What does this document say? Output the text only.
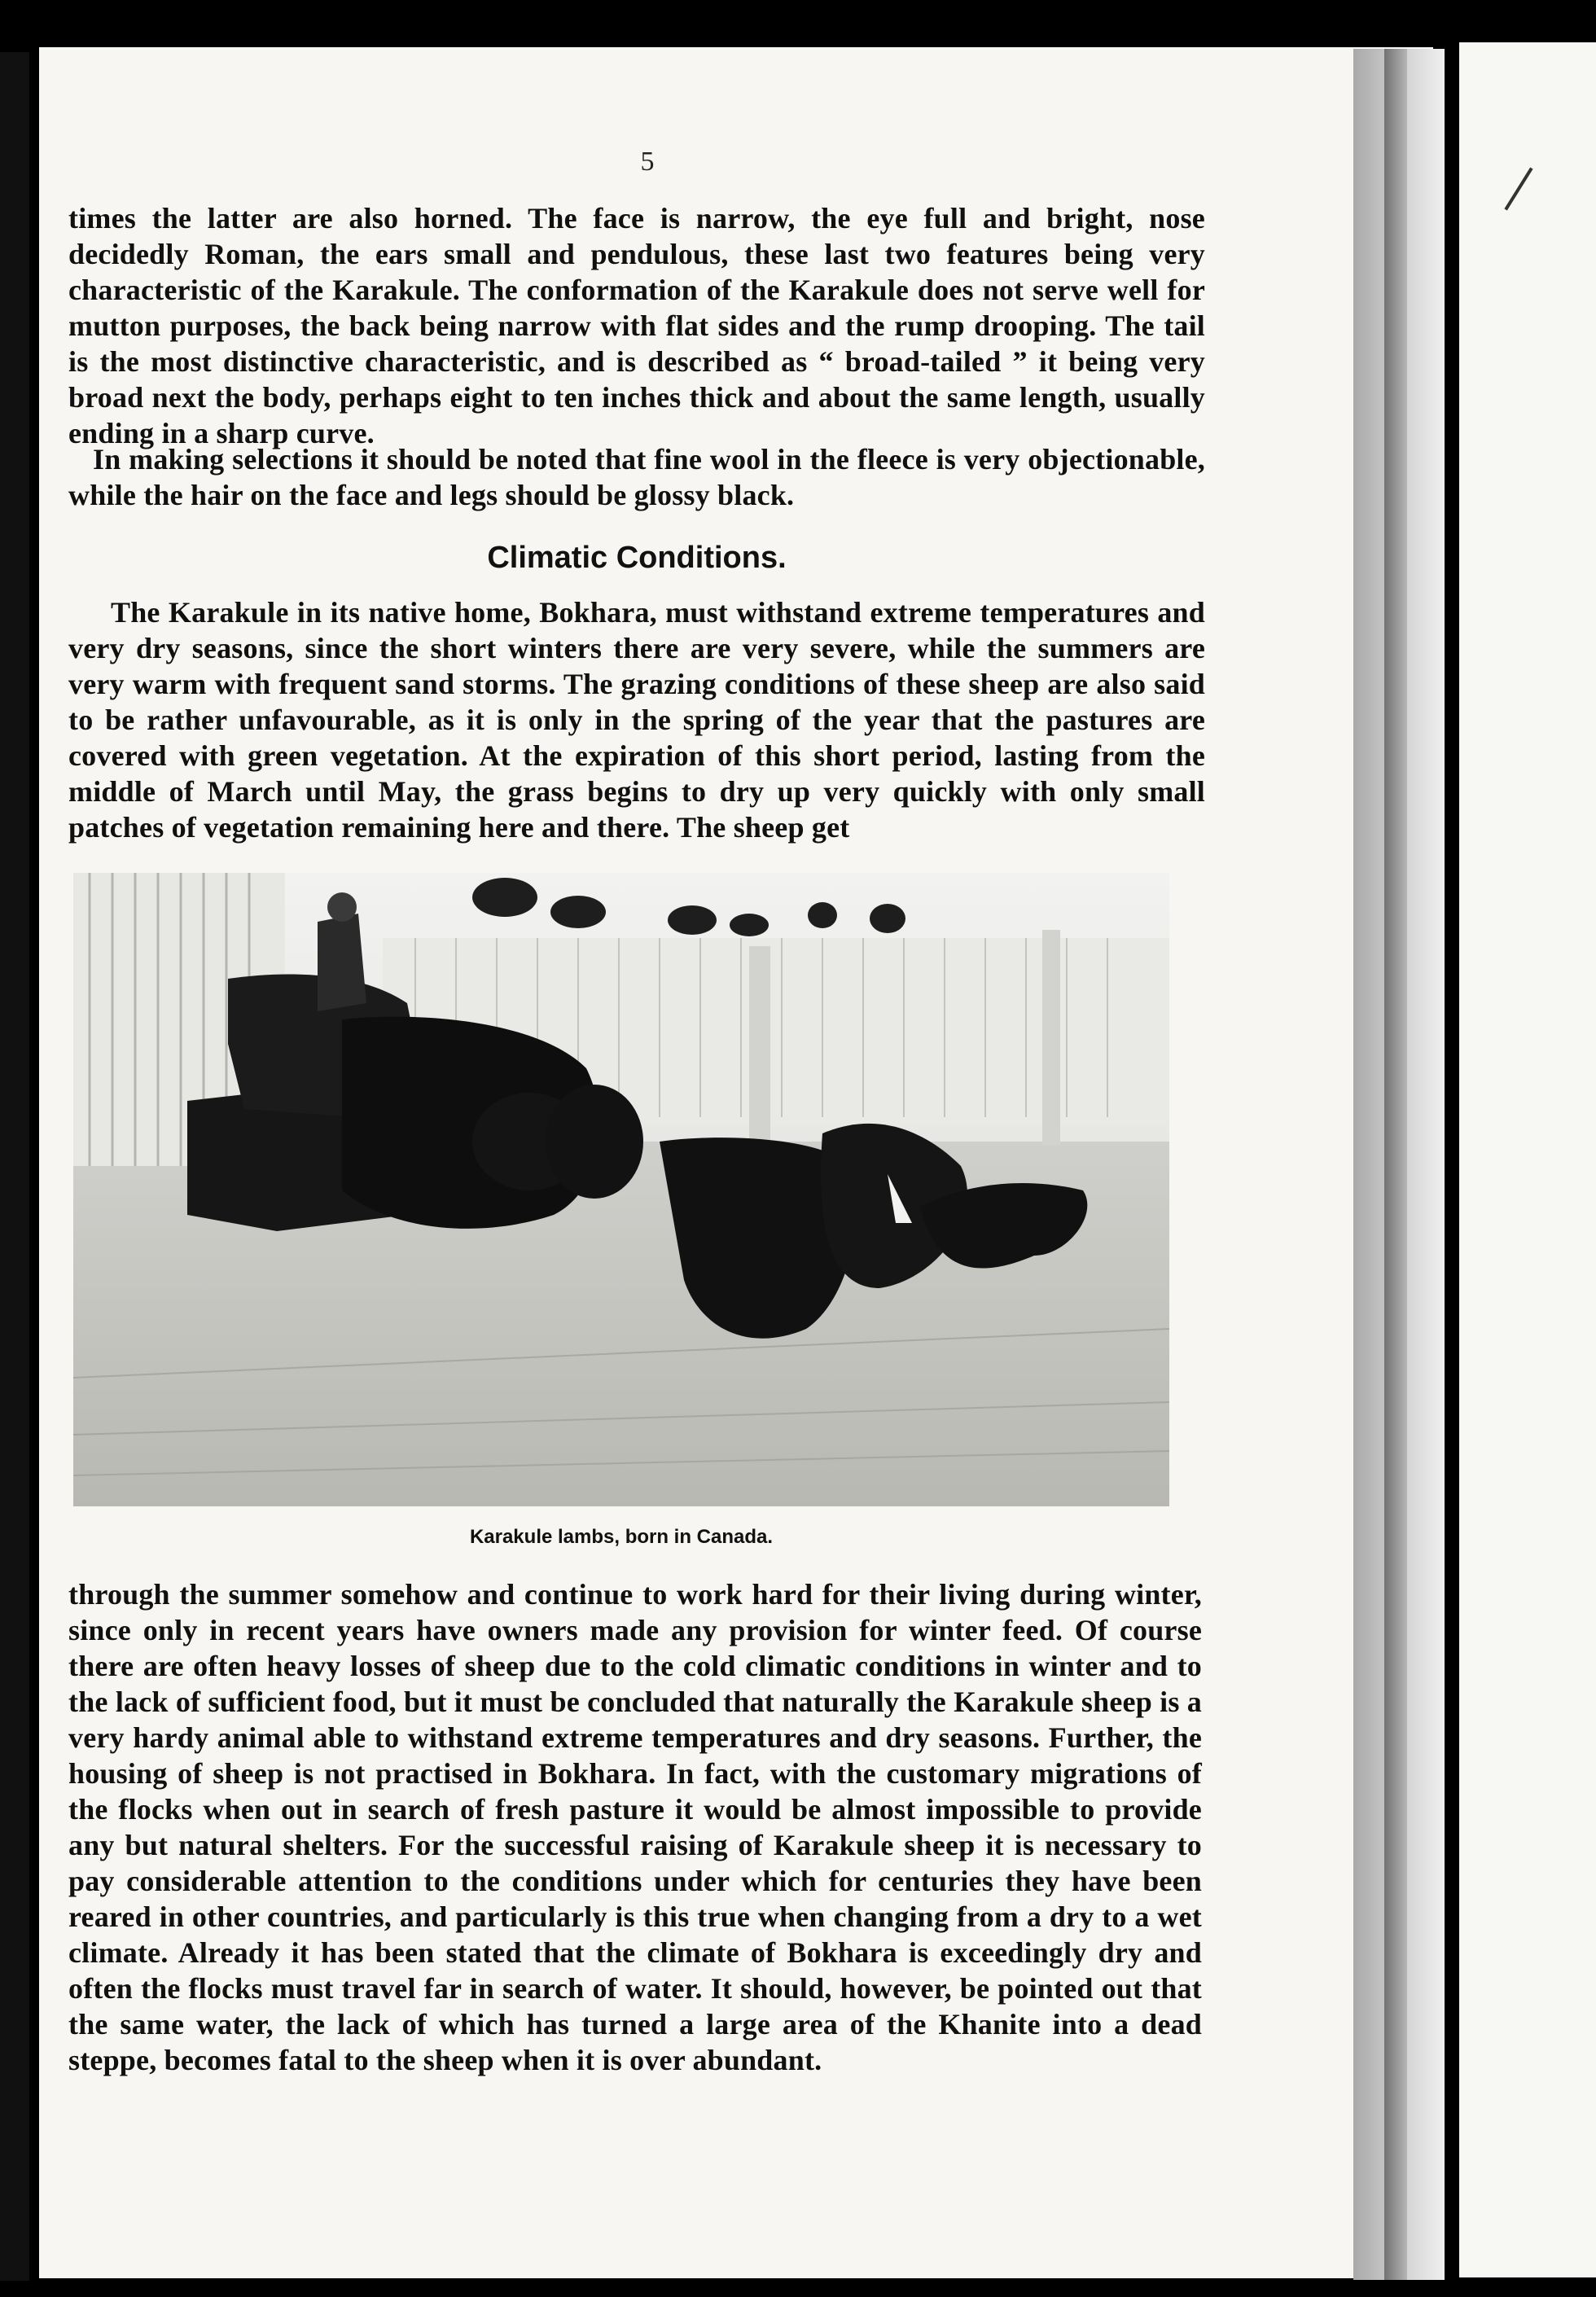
5
times the latter are also horned. The face is narrow, the eye full and bright, nose decidedly Roman, the ears small and pendulous, these last two features being very characteristic of the Karakule. The conformation of the Karakule does not serve well for mutton purposes, the back being narrow with flat sides and the rump drooping. The tail is the most distinctive characteristic, and is described as “ broad-tailed ” it being very broad next the body, perhaps eight to ten inches thick and about the same length, usually ending in a sharp curve.
In making selections it should be noted that fine wool in the fleece is very objectionable, while the hair on the face and legs should be glossy black.
Climatic Conditions.
The Karakule in its native home, Bokhara, must withstand extreme temperatures and very dry seasons, since the short winters there are very severe, while the summers are very warm with frequent sand storms. The grazing conditions of these sheep are also said to be rather unfavourable, as it is only in the spring of the year that the pastures are covered with green vegetation. At the expiration of this short period, lasting from the middle of March until May, the grass begins to dry up very quickly with only small patches of vegetation remaining here and there. The sheep get
Karakule lambs, born in Canada.
through the summer somehow and continue to work hard for their living during winter, since only in recent years have owners made any provision for winter feed. Of course there are often heavy losses of sheep due to the cold climatic conditions in winter and to the lack of sufficient food, but it must be concluded that naturally the Karakule sheep is a very hardy animal able to withstand extreme temperatures and dry seasons. Further, the housing of sheep is not practised in Bokhara. In fact, with the customary migrations of the flocks when out in search of fresh pasture it would be almost impossible to provide any but natural shelters. For the successful raising of Karakule sheep it is necessary to pay considerable attention to the conditions under which for centuries they have been reared in other countries, and particularly is this true when changing from a dry to a wet climate. Already it has been stated that the climate of Bokhara is exceedingly dry and often the flocks must travel far in search of water. It should, however, be pointed out that the same water, the lack of which has turned a large area of the Khanite into a dead steppe, becomes fatal to the sheep when it is over abundant.
